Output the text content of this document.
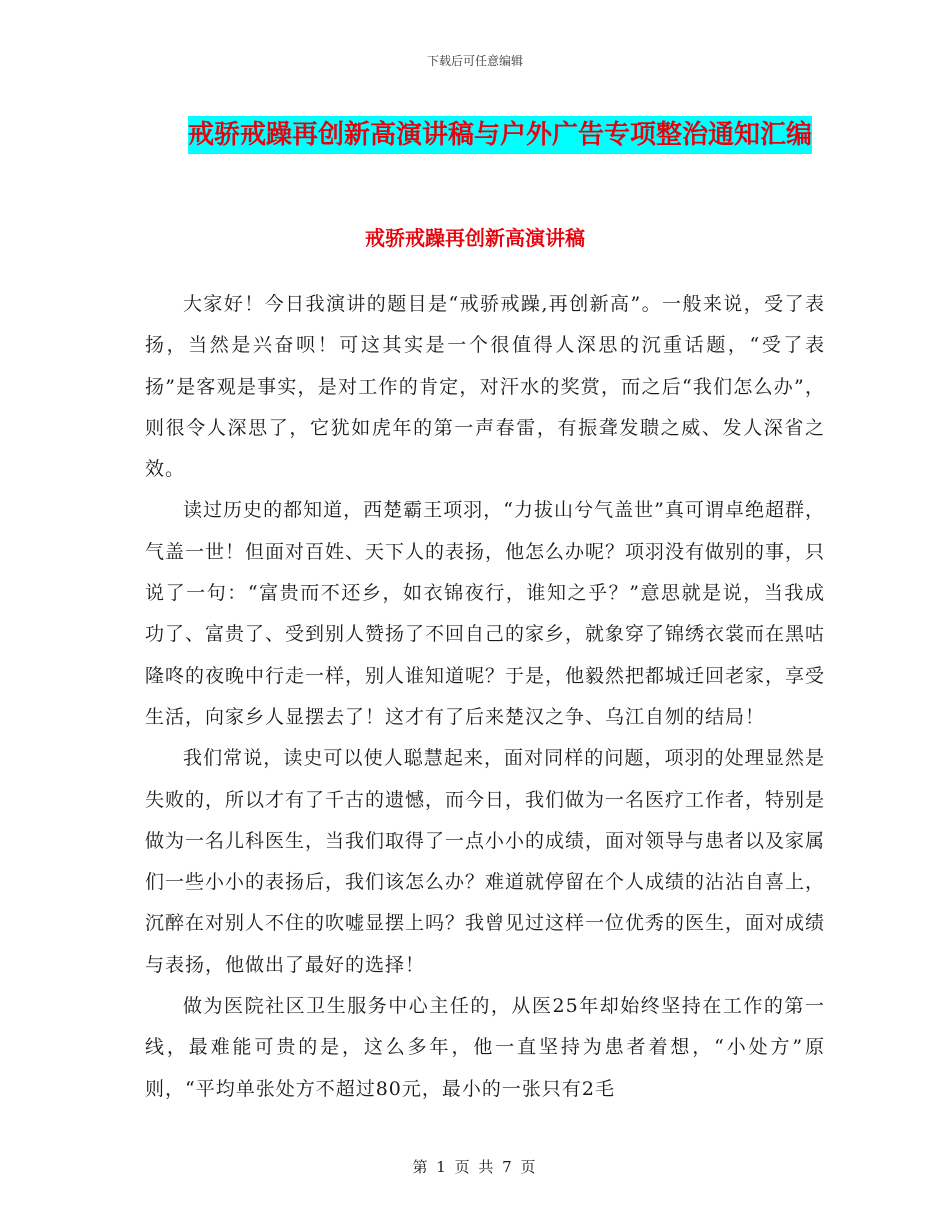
下载后可任意编辑
戒骄戒躁再创新高演讲稿与户外广告专项整治通知汇编
戒骄戒躁再创新高演讲稿

大家好！今日我演讲的题目是“戒骄戒躁,再创新高”。一般来说，受了表扬，当然是兴奋呗！可这其实是一个很值得人深思的沉重话题，“受了表扬”是客观是事实，是对工作的肯定，对汗水的奖赏，而之后“我们怎么办”，则很令人深思了，它犹如虎年的第一声春雷，有振聋发聩之威、发人深省之效。

读过历史的都知道，西楚霸王项羽，“力拔山兮气盖世”真可谓卓绝超群，气盖一世！但面对百姓、天下人的表扬，他怎么办呢？项羽没有做别的事，只说了一句：“富贵而不还乡，如衣锦夜行，谁知之乎？”意思就是说，当我成功了、富贵了、受到别人赞扬了不回自己的家乡，就象穿了锦绣衣裳而在黑咕隆咚的夜晚中行走一样，别人谁知道呢？于是，他毅然把都城迁回老家，享受生活，向家乡人显摆去了！这才有了后来楚汉之争、乌江自刎的结局！

我们常说，读史可以使人聪慧起来，面对同样的问题，项羽的处理显然是失败的，所以才有了千古的遗憾，而今日，我们做为一名医疗工作者，特别是做为一名儿科医生，当我们取得了一点小小的成绩，面对领导与患者以及家属们一些小小的表扬后，我们该怎么办？难道就停留在个人成绩的沾沾自喜上，沉醉在对别人不住的吹嘘显摆上吗？我曾见过这样一位优秀的医生，面对成绩与表扬，他做出了最好的选择！

做为医院社区卫生服务中心主任的，从医25年却始终坚持在工作的第一线，最难能可贵的是，这么多年，他一直坚持为患者着想，“小处方”原则，“平均单张处方不超过80元，最小的一张只有2毛

第 1 页 共 7 页
